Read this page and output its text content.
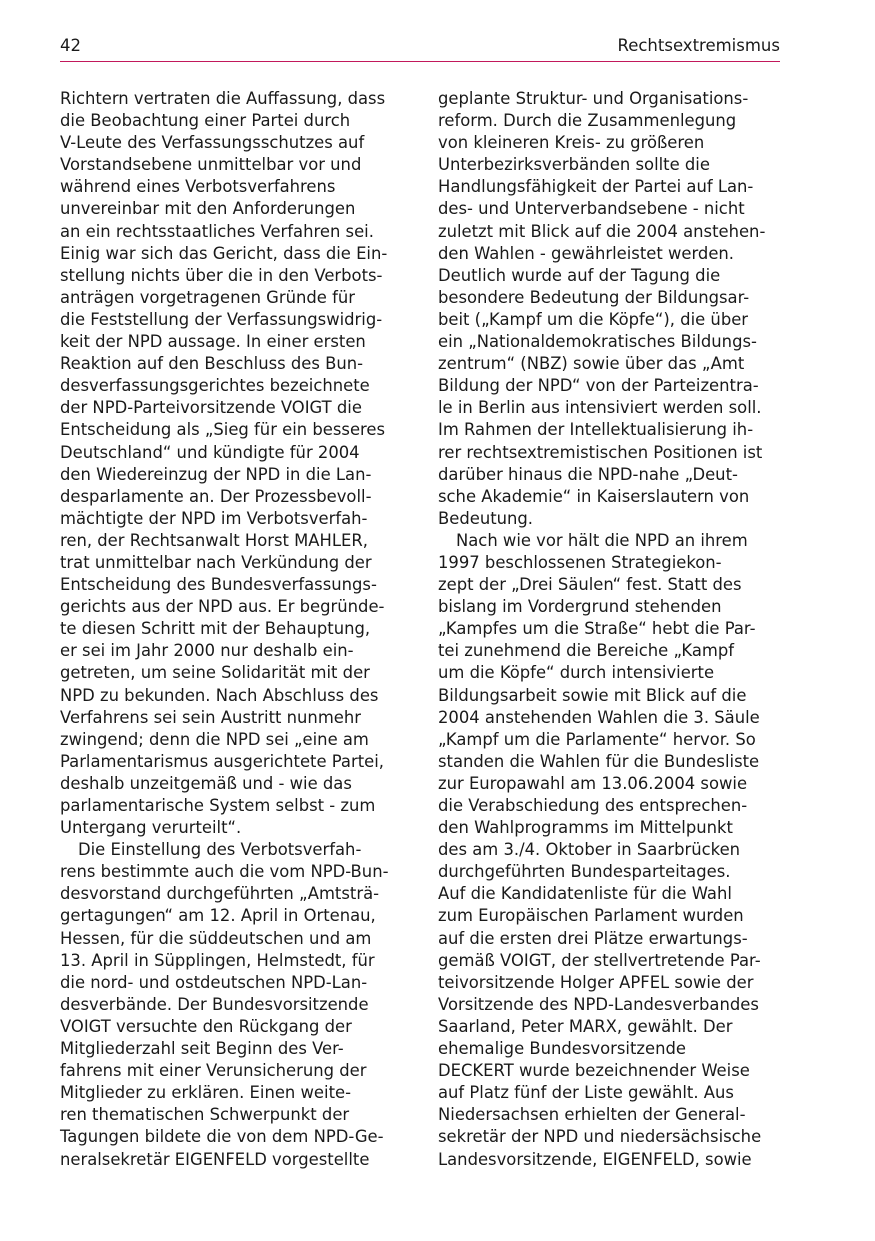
42	Rechtsextremismus
Richtern vertraten die Auffassung, dass
die Beobachtung einer Partei durch
V-Leute des Verfassungsschutzes auf
Vorstandsebene unmittelbar vor und
während eines Verbotsverfahrens
unvereinbar mit den Anforderungen
an ein rechtsstaatliches Verfahren sei.
Einig war sich das Gericht, dass die Ein-
stellung nichts über die in den Verbots-
anträgen vorgetragenen Gründe für
die Feststellung der Verfassungswidrig-
keit der NPD aussage. In einer ersten
Reaktion auf den Beschluss des Bun-
desverfassungsgerichtes bezeichnete
der NPD-Parteivorsitzende VOIGT die
Entscheidung als „Sieg für ein besseres
Deutschland“ und kündigte für 2004
den Wiedereinzug der NPD in die Lan-
desparlamente an. Der Prozessbevoll-
mächtigte der NPD im Verbotsverfah-
ren, der Rechtsanwalt Horst MAHLER,
trat unmittelbar nach Verkündung der
Entscheidung des Bundesverfassungs-
gerichts aus der NPD aus. Er begründe-
te diesen Schritt mit der Behauptung,
er sei im Jahr 2000 nur deshalb ein-
getreten, um seine Solidarität mit der
NPD zu bekunden. Nach Abschluss des
Verfahrens sei sein Austritt nunmehr
zwingend; denn die NPD sei „eine am
Parlamentarismus ausgerichtete Partei,
deshalb unzeitgemäß und - wie das
parlamentarische System selbst - zum
Untergang verurteilt“.
Die Einstellung des Verbotsverfah-
rens bestimmte auch die vom NPD-Bun-
desvorstand durchgeführten „Amtsträ-
gertagungen“ am 12. April in Ortenau,
Hessen, für die süddeutschen und am
13. April in Süpplingen, Helmstedt, für
die nord- und ostdeutschen NPD-Lan-
desverbände. Der Bundesvorsitzende
VOIGT versuchte den Rückgang der
Mitgliederzahl seit Beginn des Ver-
fahrens mit einer Verunsicherung der
Mitglieder zu erklären. Einen weite-
ren thematischen Schwerpunkt der
Tagungen bildete die von dem NPD-Ge-
neralsekretär EIGENFELD vorgestellte
geplante Struktur- und Organisations-
reform. Durch die Zusammenlegung
von kleineren Kreis- zu größeren
Unterbezirksverbänden sollte die
Handlungsfähigkeit der Partei auf Lan-
des- und Unterverbandsebene - nicht
zuletzt mit Blick auf die 2004 anstehen-
den Wahlen - gewährleistet werden.
Deutlich wurde auf der Tagung die
besondere Bedeutung der Bildungsar-
beit („Kampf um die Köpfe“), die über
ein „Nationaldemokratisches Bildungs-
zentrum“ (NBZ) sowie über das „Amt
Bildung der NPD“ von der Parteizentra-
le in Berlin aus intensiviert werden soll.
Im Rahmen der Intellektualisierung ih-
rer rechtsextremistischen Positionen ist
darüber hinaus die NPD-nahe „Deut-
sche Akademie“ in Kaiserslautern von
Bedeutung.
Nach wie vor hält die NPD an ihrem
1997 beschlossenen Strategiekon-
zept der „Drei Säulen“ fest. Statt des
bislang im Vordergrund stehenden
„Kampfes um die Straße“ hebt die Par-
tei zunehmend die Bereiche „Kampf
um die Köpfe“ durch intensivierte
Bildungsarbeit sowie mit Blick auf die
2004 anstehenden Wahlen die 3. Säule
„Kampf um die Parlamente“ hervor. So
standen die Wahlen für die Bundesliste
zur Europawahl am 13.06.2004 sowie
die Verabschiedung des entsprechen-
den Wahlprogramms im Mittelpunkt
des am 3./4. Oktober in Saarbrücken
durchgeführten Bundesparteitages.
Auf die Kandidatenliste für die Wahl
zum Europäischen Parlament wurden
auf die ersten drei Plätze erwartungs-
gemäß VOIGT, der stellvertretende Par-
teivorsitzende Holger APFEL sowie der
Vorsitzende des NPD-Landesverbandes
Saarland, Peter MARX, gewählt. Der
ehemalige Bundesvorsitzende
DECKERT wurde bezeichnender Weise
auf Platz fünf der Liste gewählt. Aus
Niedersachsen erhielten der General-
sekretär der NPD und niedersächsische
Landesvorsitzende, EIGENFELD, sowie
